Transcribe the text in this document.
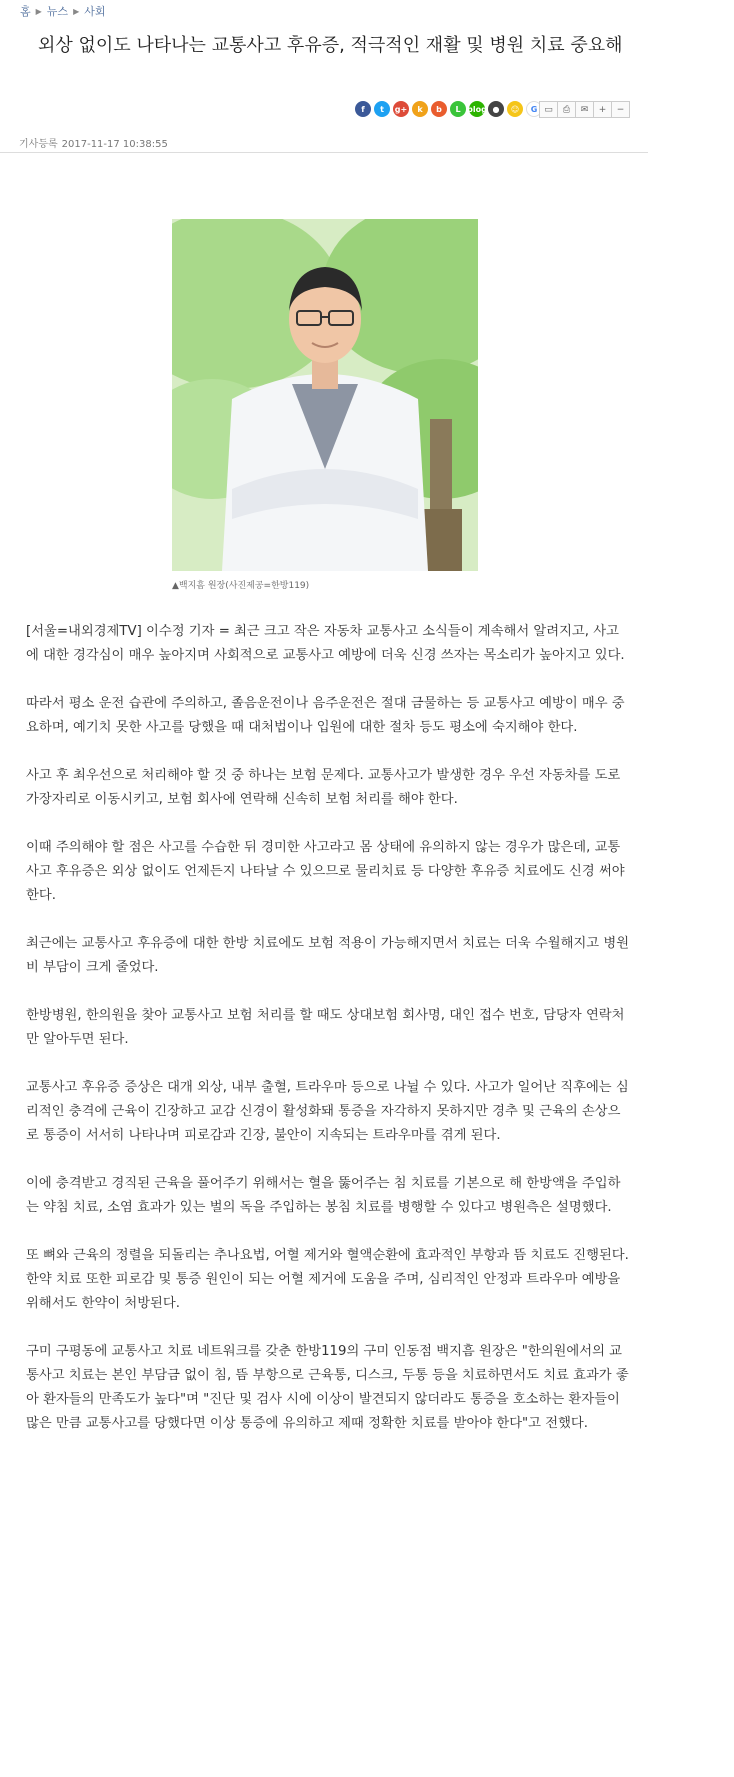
홈 ▶ 뉴스 ▶ 사회
외상 없이도 나타나는 교통사고 후유증, 적극적인 재활 및 병원 치료 중요해
f	t	g+	k	b	L blog ●	☺	G ▭	⎙	✉	+	−
기사등록 2017-11-17 10:38:55
▲백지흠 원장(사진제공=한방119)

[서울=내외경제TV] 이수정 기자 = 최근 크고 작은 자동차 교통사고 소식들이 계속해서 알려지고, 사고에 대한 경각심이 매우 높아지며 사회적으로 교통사고 예방에 더욱 신경 쓰자는 목소리가 높아지고 있다.

따라서 평소 운전 습관에 주의하고, 졸음운전이나 음주운전은 절대 금물하는 등 교통사고 예방이 매우 중요하며, 예기치 못한 사고를 당했을 때 대처법이나 입원에 대한 절차 등도 평소에 숙지해야 한다.

사고 후 최우선으로 처리해야 할 것 중 하나는 보험 문제다. 교통사고가 발생한 경우 우선 자동차를 도로 가장자리로 이동시키고, 보험 회사에 연락해 신속히 보험 처리를 해야 한다.

이때 주의해야 할 점은 사고를 수습한 뒤 경미한 사고라고 몸 상태에 유의하지 않는 경우가 많은데, 교통사고 후유증은 외상 없이도 언제든지 나타날 수 있으므로 물리치료 등 다양한 후유증 치료에도 신경 써야 한다.

최근에는 교통사고 후유증에 대한 한방 치료에도 보험 적용이 가능해지면서 치료는 더욱 수월해지고 병원비 부담이 크게 줄었다.

한방병원, 한의원을 찾아 교통사고 보험 처리를 할 때도 상대보험 회사명, 대인 접수 번호, 담당자 연락처만 알아두면 된다.

교통사고 후유증 증상은 대개 외상, 내부 출혈, 트라우마 등으로 나뉠 수 있다. 사고가 일어난 직후에는 심리적인 충격에 근육이 긴장하고 교감 신경이 활성화돼 통증을 자각하지 못하지만 경추 및 근육의 손상으로 통증이 서서히 나타나며 피로감과 긴장, 불안이 지속되는 트라우마를 겪게 된다.

이에 충격받고 경직된 근육을 풀어주기 위해서는 혈을 뚫어주는 침 치료를 기본으로 해 한방액을 주입하는 약침 치료, 소염 효과가 있는 벌의 독을 주입하는 봉침 치료를 병행할 수 있다고 병원측은 설명했다.

또 뼈와 근육의 정렬을 되돌리는 추나요법, 어혈 제거와 혈액순환에 효과적인 부항과 뜸 치료도 진행된다. 한약 치료 또한 피로감 및 통증 원인이 되는 어혈 제거에 도움을 주며, 심리적인 안정과 트라우마 예방을 위해서도 한약이 처방된다.

구미 구평동에 교통사고 치료 네트워크를 갖춘 한방119의 구미 인동점 백지흠 원장은 "한의원에서의 교통사고 치료는 본인 부담금 없이 침, 뜸 부항으로 근육통, 디스크, 두통 등을 치료하면서도 치료 효과가 좋아 환자들의 만족도가 높다"며 "진단 및 검사 시에 이상이 발견되지 않더라도 통증을 호소하는 환자들이 많은 만큼 교통사고를 당했다면 이상 통증에 유의하고 제때 정확한 치료를 받아야 한다"고 전했다.
